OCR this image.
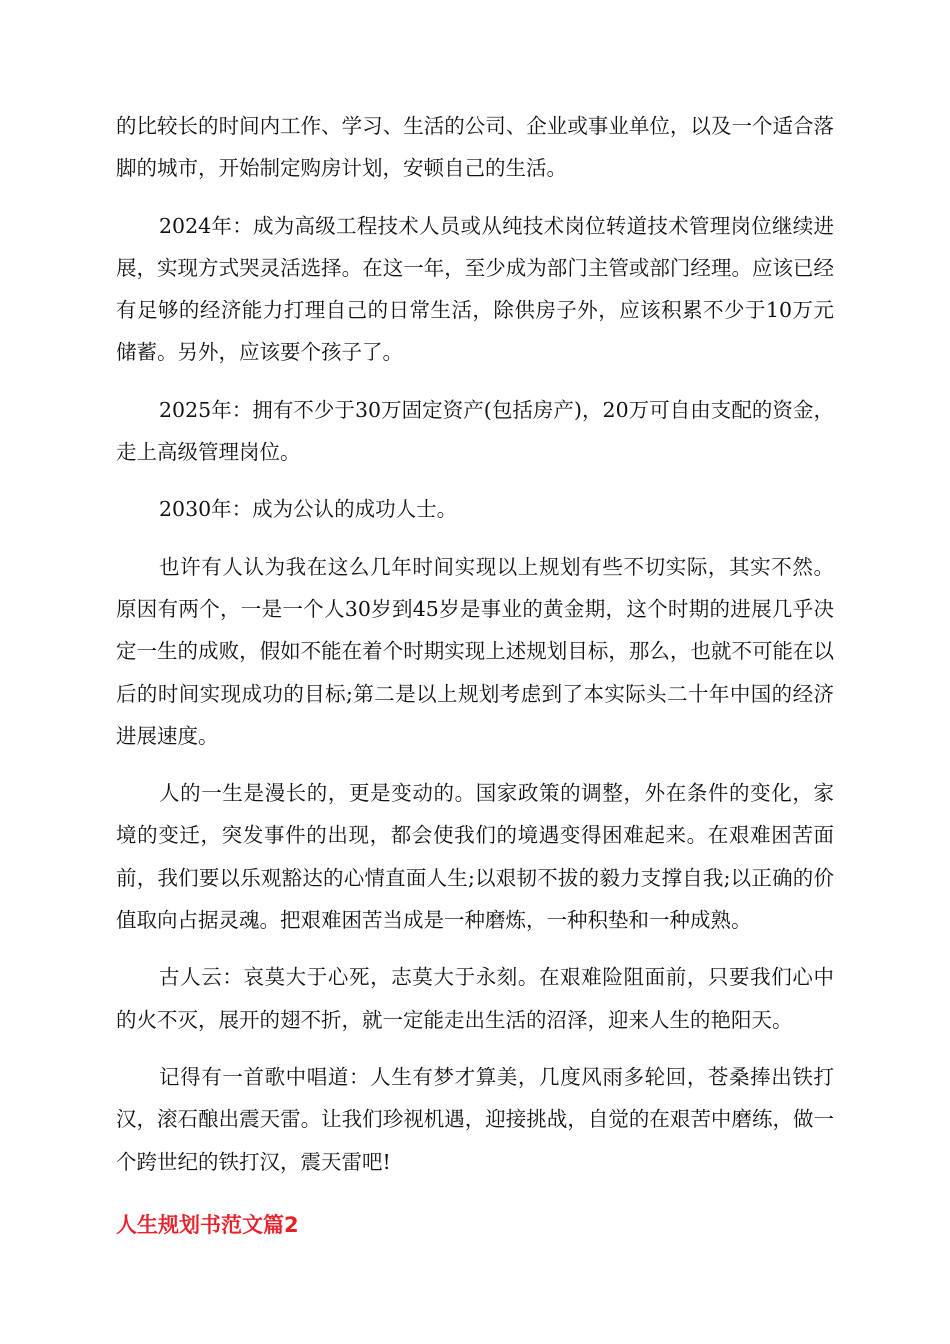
的比较长的时间内工作、学习、生活的公司、企业或事业单位，以及一个适合落脚的城市，开始制定购房计划，安顿自己的生活。

2024年：成为高级工程技术人员或从纯技术岗位转道技术管理岗位继续进展，实现方式哭灵活选择。在这一年，至少成为部门主管或部门经理。应该已经有足够的经济能力打理自己的日常生活，除供房子外，应该积累不少于10万元储蓄。另外，应该要个孩子了。

2025年：拥有不少于30万固定资产(包括房产)，20万可自由支配的资金，走上高级管理岗位。

2030年：成为公认的成功人士。

也许有人认为我在这么几年时间实现以上规划有些不切实际，其实不然。原因有两个，一是一个人30岁到45岁是事业的黄金期，这个时期的进展几乎决定一生的成败，假如不能在着个时期实现上述规划目标，那么，也就不可能在以后的时间实现成功的目标;第二是以上规划考虑到了本实际头二十年中国的经济进展速度。

人的一生是漫长的，更是变动的。国家政策的调整，外在条件的变化，家境的变迁，突发事件的出现，都会使我们的境遇变得困难起来。在艰难困苦面前，我们要以乐观豁达的心情直面人生;以艰韧不拔的毅力支撑自我;以正确的价值取向占据灵魂。把艰难困苦当成是一种磨炼，一种积垫和一种成熟。

古人云：哀莫大于心死，志莫大于永刻。在艰难险阻面前，只要我们心中的火不灭，展开的翅不折，就一定能走出生活的沼泽，迎来人生的艳阳天。

记得有一首歌中唱道：人生有梦才算美，几度风雨多轮回，苍桑捧出铁打汉，滚石酿出震天雷。让我们珍视机遇，迎接挑战，自觉的在艰苦中磨练，做一个跨世纪的铁打汉，震天雷吧!

人生规划书范文篇2
